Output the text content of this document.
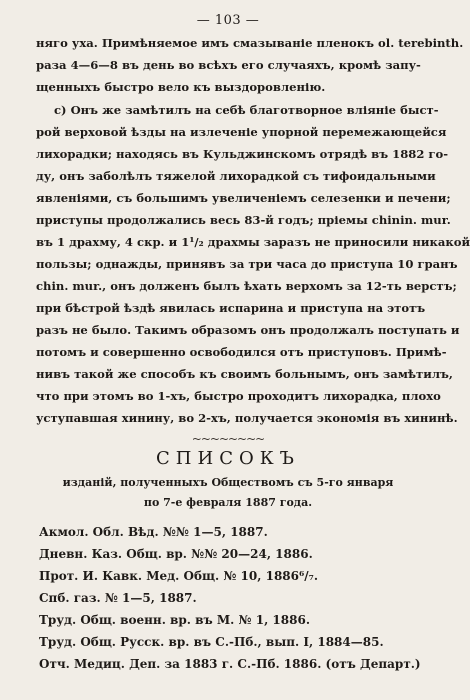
— 103 —
няго уха. Примѣняемое имъ смазываніе пленокъ ol. terebinth.
раза 4—6—8 въ день во всѣхъ его случаяхъ, кромѣ запу-
щенныхъ быстро вело къ выздоровленію.
с) Онъ же замѣтилъ на себѣ благотворное вліяніе быст-
рой верховой ѣзды на излеченіе упорной перемежающейся
лихорадки; находясь въ Кульджинскомъ отрядѣ въ 1882 го-
ду, онъ заболѣлъ тяжелой лихорадкой съ тифоидальными
явленіями, съ большимъ увеличеніемъ селезенки и печени;
приступы продолжались весь 83-й годъ; пріемы chinin. mur.
въ 1 драхму, 4 скр. и 1¹/₂ драхмы заразъ не приносили никакой
пользы; однажды, принявъ за три часа до приступа 10 гранъ
chin. mur., онъ долженъ былъ ѣхать верхомъ за 12-ть верстъ;
при бѣстрой ѣздѣ явилась испарина и приступа на этотъ
разъ не было. Такимъ образомъ онъ продолжалъ поступать и
потомъ и совершенно освободился отъ приступовъ. Примѣ-
нивъ такой же способъ къ своимъ больнымъ, онъ замѣтилъ,
что при этомъ во 1-хъ, быстро проходитъ лихорадка, плохо
уступавшая хинину, во 2-хъ, получается экономія въ хининѣ.
~~~~~~~~
СПИСОКЪ
изданій, полученныхъ Обществомъ съ 5-го января
по 7-е февраля 1887 года.
Акмол. Обл. Вѣд. №№ 1—5, 1887.
Дневн. Каз. Общ. вр. №№ 20—24, 1886.
Прот. И. Кавк. Мед. Общ. № 10, 1886⁶/₇.
Спб. газ. № 1—5, 1887.
Труд. Общ. военн. вр. въ М. № 1, 1886.
Труд. Общ. Русск. вр. въ С.-Пб., вып. I, 1884—85.
Отч. Медиц. Деп. за 1883 г. С.-Пб. 1886. (отъ Департ.)
